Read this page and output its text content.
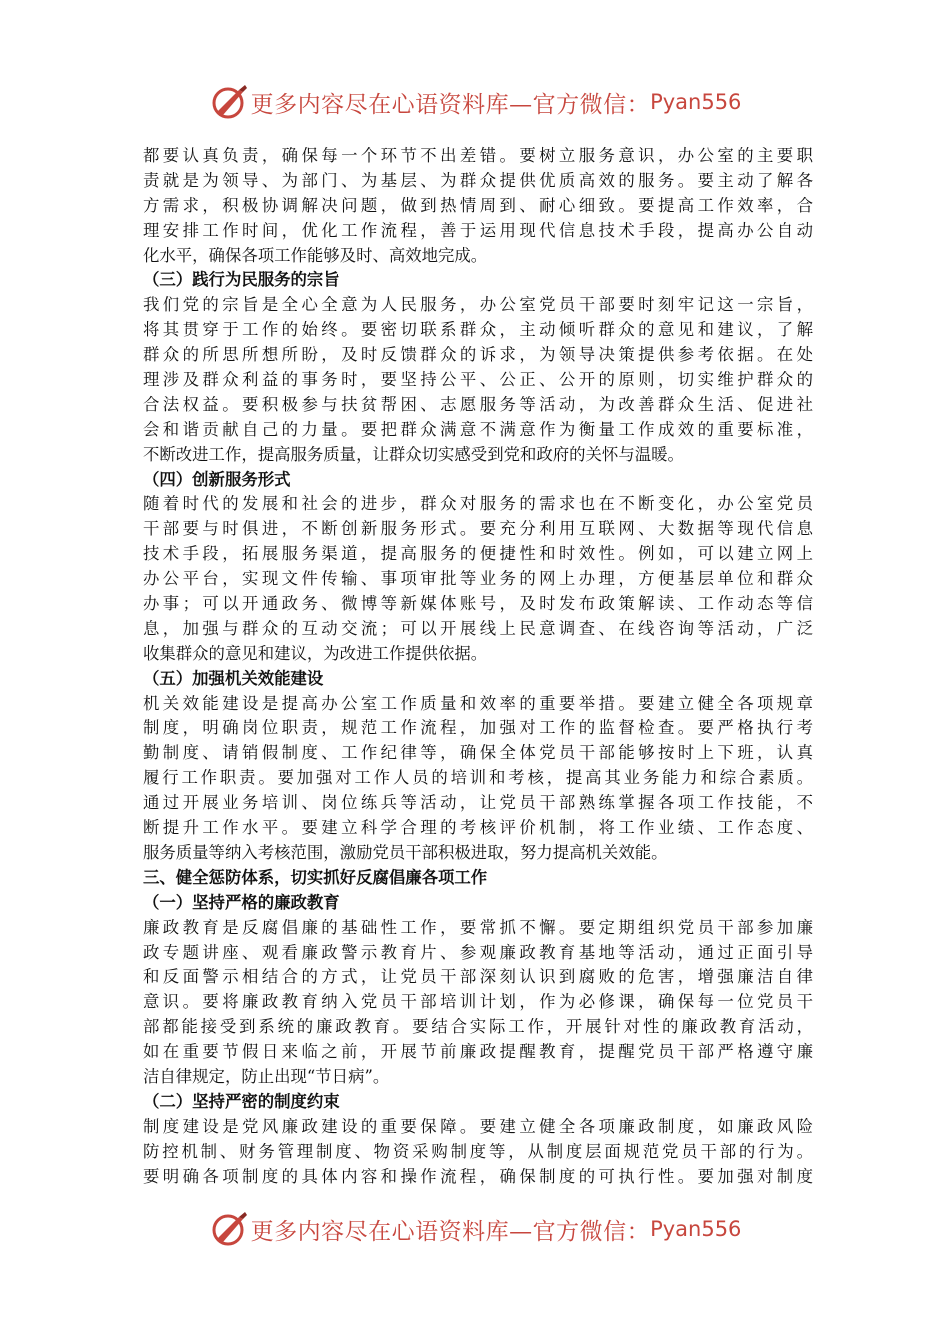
更多内容尽在心语资料库—官方微信： Pyan556
都要认真负责，确保每一个环节不出差错。要树立服务意识，办公室的主要职
责就是为领导、为部门、为基层、为群众提供优质高效的服务。要主动了解各
方需求，积极协调解决问题，做到热情周到、耐心细致。要提高工作效率，合
理安排工作时间，优化工作流程，善于运用现代信息技术手段，提高办公自动
化水平，确保各项工作能够及时、高效地完成。
（三）践行为民服务的宗旨
我们党的宗旨是全心全意为人民服务，办公室党员干部要时刻牢记这一宗旨，
将其贯穿于工作的始终。要密切联系群众，主动倾听群众的意见和建议，了解
群众的所思所想所盼，及时反馈群众的诉求，为领导决策提供参考依据。在处
理涉及群众利益的事务时，要坚持公平、公正、公开的原则，切实维护群众的
合法权益。要积极参与扶贫帮困、志愿服务等活动，为改善群众生活、促进社
会和谐贡献自己的力量。要把群众满意不满意作为衡量工作成效的重要标准，
不断改进工作，提高服务质量，让群众切实感受到党和政府的关怀与温暖。
（四）创新服务形式
随着时代的发展和社会的进步，群众对服务的需求也在不断变化，办公室党员
干部要与时俱进，不断创新服务形式。要充分利用互联网、大数据等现代信息
技术手段，拓展服务渠道，提高服务的便捷性和时效性。例如，可以建立网上
办公平台，实现文件传输、事项审批等业务的网上办理，方便基层单位和群众
办事；可以开通政务、微博等新媒体账号，及时发布政策解读、工作动态等信
息，加强与群众的互动交流；可以开展线上民意调查、在线咨询等活动，广泛
收集群众的意见和建议，为改进工作提供依据。
（五）加强机关效能建设
机关效能建设是提高办公室工作质量和效率的重要举措。要建立健全各项规章
制度，明确岗位职责，规范工作流程，加强对工作的监督检查。要严格执行考
勤制度、请销假制度、工作纪律等，确保全体党员干部能够按时上下班，认真
履行工作职责。要加强对工作人员的培训和考核，提高其业务能力和综合素质。
通过开展业务培训、岗位练兵等活动，让党员干部熟练掌握各项工作技能，不
断提升工作水平。要建立科学合理的考核评价机制，将工作业绩、工作态度、
服务质量等纳入考核范围，激励党员干部积极进取，努力提高机关效能。
三、健全惩防体系，切实抓好反腐倡廉各项工作
（一）坚持严格的廉政教育
廉政教育是反腐倡廉的基础性工作，要常抓不懈。要定期组织党员干部参加廉
政专题讲座、观看廉政警示教育片、参观廉政教育基地等活动，通过正面引导
和反面警示相结合的方式，让党员干部深刻认识到腐败的危害，增强廉洁自律
意识。要将廉政教育纳入党员干部培训计划，作为必修课，确保每一位党员干
部都能接受到系统的廉政教育。要结合实际工作，开展针对性的廉政教育活动，
如在重要节假日来临之前，开展节前廉政提醒教育，提醒党员干部严格遵守廉
洁自律规定，防止出现“节日病”。
（二）坚持严密的制度约束
制度建设是党风廉政建设的重要保障。要建立健全各项廉政制度，如廉政风险
防控机制、财务管理制度、物资采购制度等，从制度层面规范党员干部的行为。
要明确各项制度的具体内容和操作流程，确保制度的可执行性。要加强对制度
更多内容尽在心语资料库—官方微信： Pyan556
